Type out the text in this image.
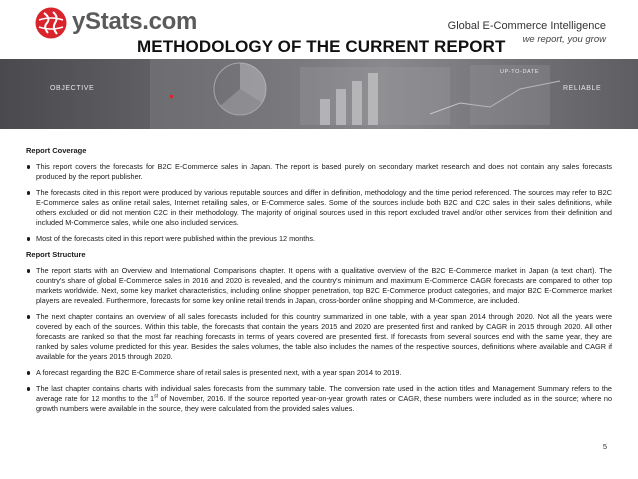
yStats.com	Global E-Commerce Intelligence
we report, you grow
METHODOLOGY OF THE CURRENT REPORT
OBJECTIVE
UP-TO-DATE
RELIABLE
Report Coverage
This report covers the forecasts for B2C E-Commerce sales in Japan. The report is based purely on secondary market research and does not contain any sales forecasts produced by the report publisher.
The forecasts cited in this report were produced by various reputable sources and differ in definition, methodology and the time period referenced. The sources may refer to B2C E-Commerce sales as online retail sales, Internet retailing sales, or E-Commerce sales. Some of the sources include both B2C and C2C sales in their sales definitions, while others excluded or did not mention C2C in their methodology. The majority of original sources used in this report excluded travel and/or other services from their definition and included M-Commerce sales, while one also included services.
Most of the forecasts cited in this report were published within the previous 12 months.
Report Structure
The report starts with an Overview and International Comparisons chapter. It opens with a qualitative overview of the B2C E-Commerce market in Japan (a text chart). The country's share of global E-Commerce sales in 2016 and 2020 is revealed, and the country's minimum and maximum E-Commerce CAGR forecasts are compared to other top markets worldwide. Next, some key market characteristics, including online shopper penetration, top B2C E-Commerce product categories, and major B2C E-Commerce market players are revealed. Furthermore, forecasts for some key online retail trends in Japan, cross-border online shopping and M-Commerce, are included.
The next chapter contains an overview of all sales forecasts included for this country summarized in one table, with a year span 2014 through 2020. Not all the years were covered by each of the sources. Within this table, the forecasts that contain the years 2015 and 2020 are presented first and ranked by CAGR in 2015 through 2020. All other forecasts are ranked so that the most far reaching forecasts in terms of years covered are presented first. If forecasts from several sources end with the same year, they are ranked by sales volume predicted for this year. Besides the sales volumes, the table also includes the names of the respective sources, definitions where available and CAGR if available for the years 2015 through 2020.
A forecast regarding the B2C E-Commerce share of retail sales is presented next, with a year span 2014 to 2019.
The last chapter contains charts with individual sales forecasts from the summary table. The conversion rate used in the action titles and Management Summary refers to the average rate for 12 months to the 1st of November, 2016. If the source reported year-on-year growth rates or CAGR, these numbers were included as in the source; where no growth numbers were available in the source, they were calculated from the provided sales values.
5
